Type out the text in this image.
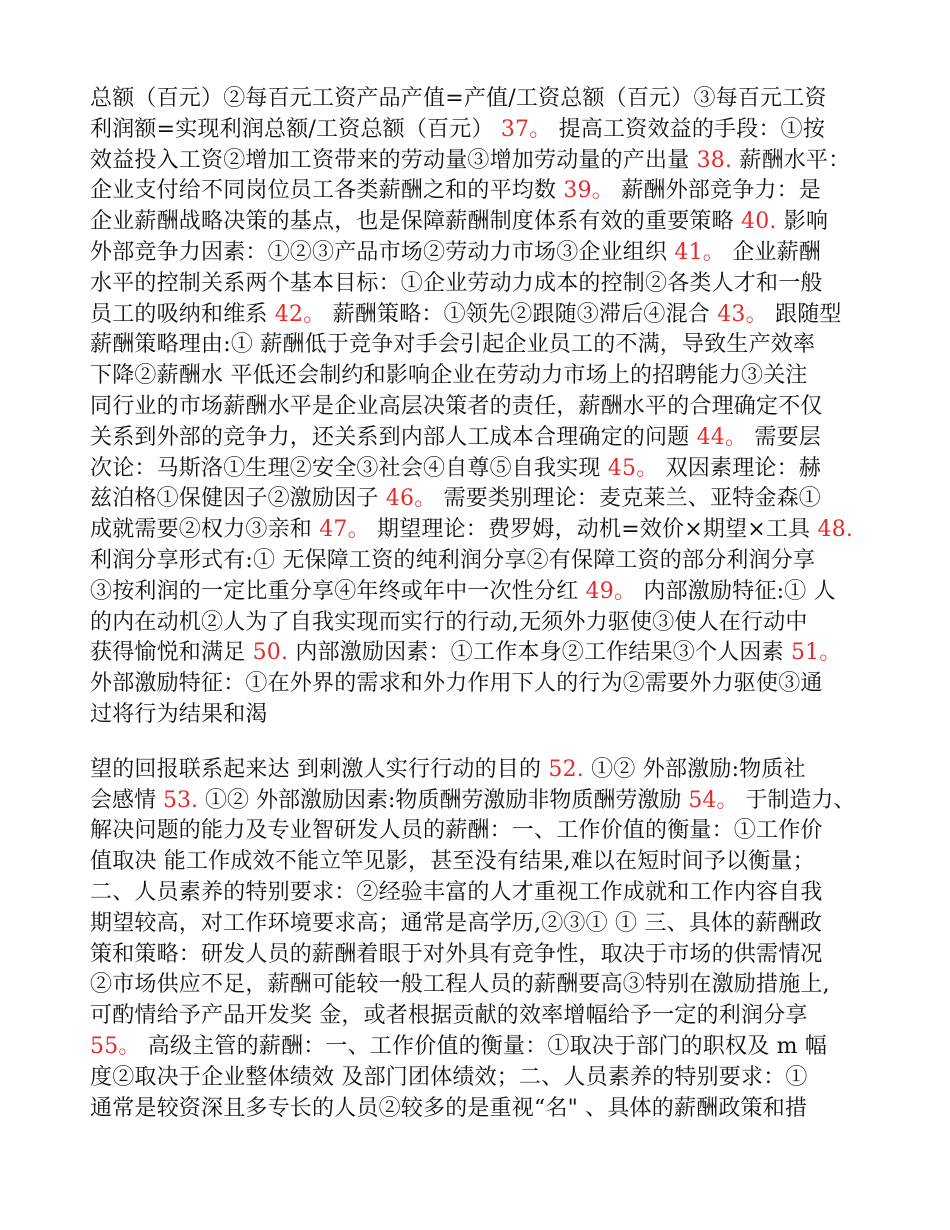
总额（百元）②每百元工资产品产值=产值/工资总额（百元）③每百元工资
利润额=实现利润总额/工资总额（百元） 37。 提高工资效益的手段：①按
效益投入工资②增加工资带来的劳动量③增加劳动量的产出量 38. 薪酬水平：
企业支付给不同岗位员工各类薪酬之和的平均数 39。 薪酬外部竞争力：是
企业薪酬战略决策的基点，也是保障薪酬制度体系有效的重要策略 40. 影响
外部竞争力因素：①②③产品市场②劳动力市场③企业组织 41。 企业薪酬
水平的控制关系两个基本目标：①企业劳动力成本的控制②各类人才和一般
员工的吸纳和维系 42。 薪酬策略：①领先②跟随③滞后④混合 43。 跟随型
薪酬策略理由:① 薪酬低于竞争对手会引起企业员工的不满，导致生产效率
下降②薪酬水 平低还会制约和影响企业在劳动力市场上的招聘能力③关注
同行业的市场薪酬水平是企业高层决策者的责任，薪酬水平的合理确定不仅
关系到外部的竞争力，还关系到内部人工成本合理确定的问题 44。 需要层
次论：马斯洛①生理②安全③社会④自尊⑤自我实现 45。 双因素理论：赫
兹泊格①保健因子②激励因子 46。 需要类别理论：麦克莱兰、亚特金森①
成就需要②权力③亲和 47。 期望理论：费罗姆，动机=效价×期望×工具 48.
利润分享形式有:① 无保障工资的纯利润分享②有保障工资的部分利润分享
③按利润的一定比重分享④年终或年中一次性分红 49。 内部激励特征:① 人
的内在动机②人为了自我实现而实行的行动,无须外力驱使③使人在行动中
获得愉悦和满足 50. 内部激励因素：①工作本身②工作结果③个人因素 51。
外部激励特征：①在外界的需求和外力作用下人的行为②需要外力驱使③通
过将行为结果和渴
望的回报联系起来达 到刺激人实行行动的目的 52. ①② 外部激励:物质社
会感情 53. ①② 外部激励因素:物质酬劳激励非物质酬劳激励 54。 于制造力、
解决问题的能力及专业智研发人员的薪酬：一、工作价值的衡量：①工作价
值取决 能工作成效不能立竿见影，甚至没有结果,难以在短时间予以衡量；
二、人员素养的特别要求：②经验丰富的人才重视工作成就和工作内容自我
期望较高，对工作环境要求高；通常是高学历,②③① ① 三、具体的薪酬政
策和策略：研发人员的薪酬着眼于对外具有竞争性，取决于市场的供需情况
②市场供应不足，薪酬可能较一般工程人员的薪酬要高③特别在激励措施上,
可酌情给予产品开发奖 金，或者根据贡献的效率增幅给予一定的利润分享
55。 高级主管的薪酬：一、工作价值的衡量：①取决于部门的职权及 m 幅
度②取决于企业整体绩效 及部门团体绩效；二、人员素养的特别要求：①
通常是较资深且多专长的人员②较多的是重视“名" 、具体的薪酬政策和措
